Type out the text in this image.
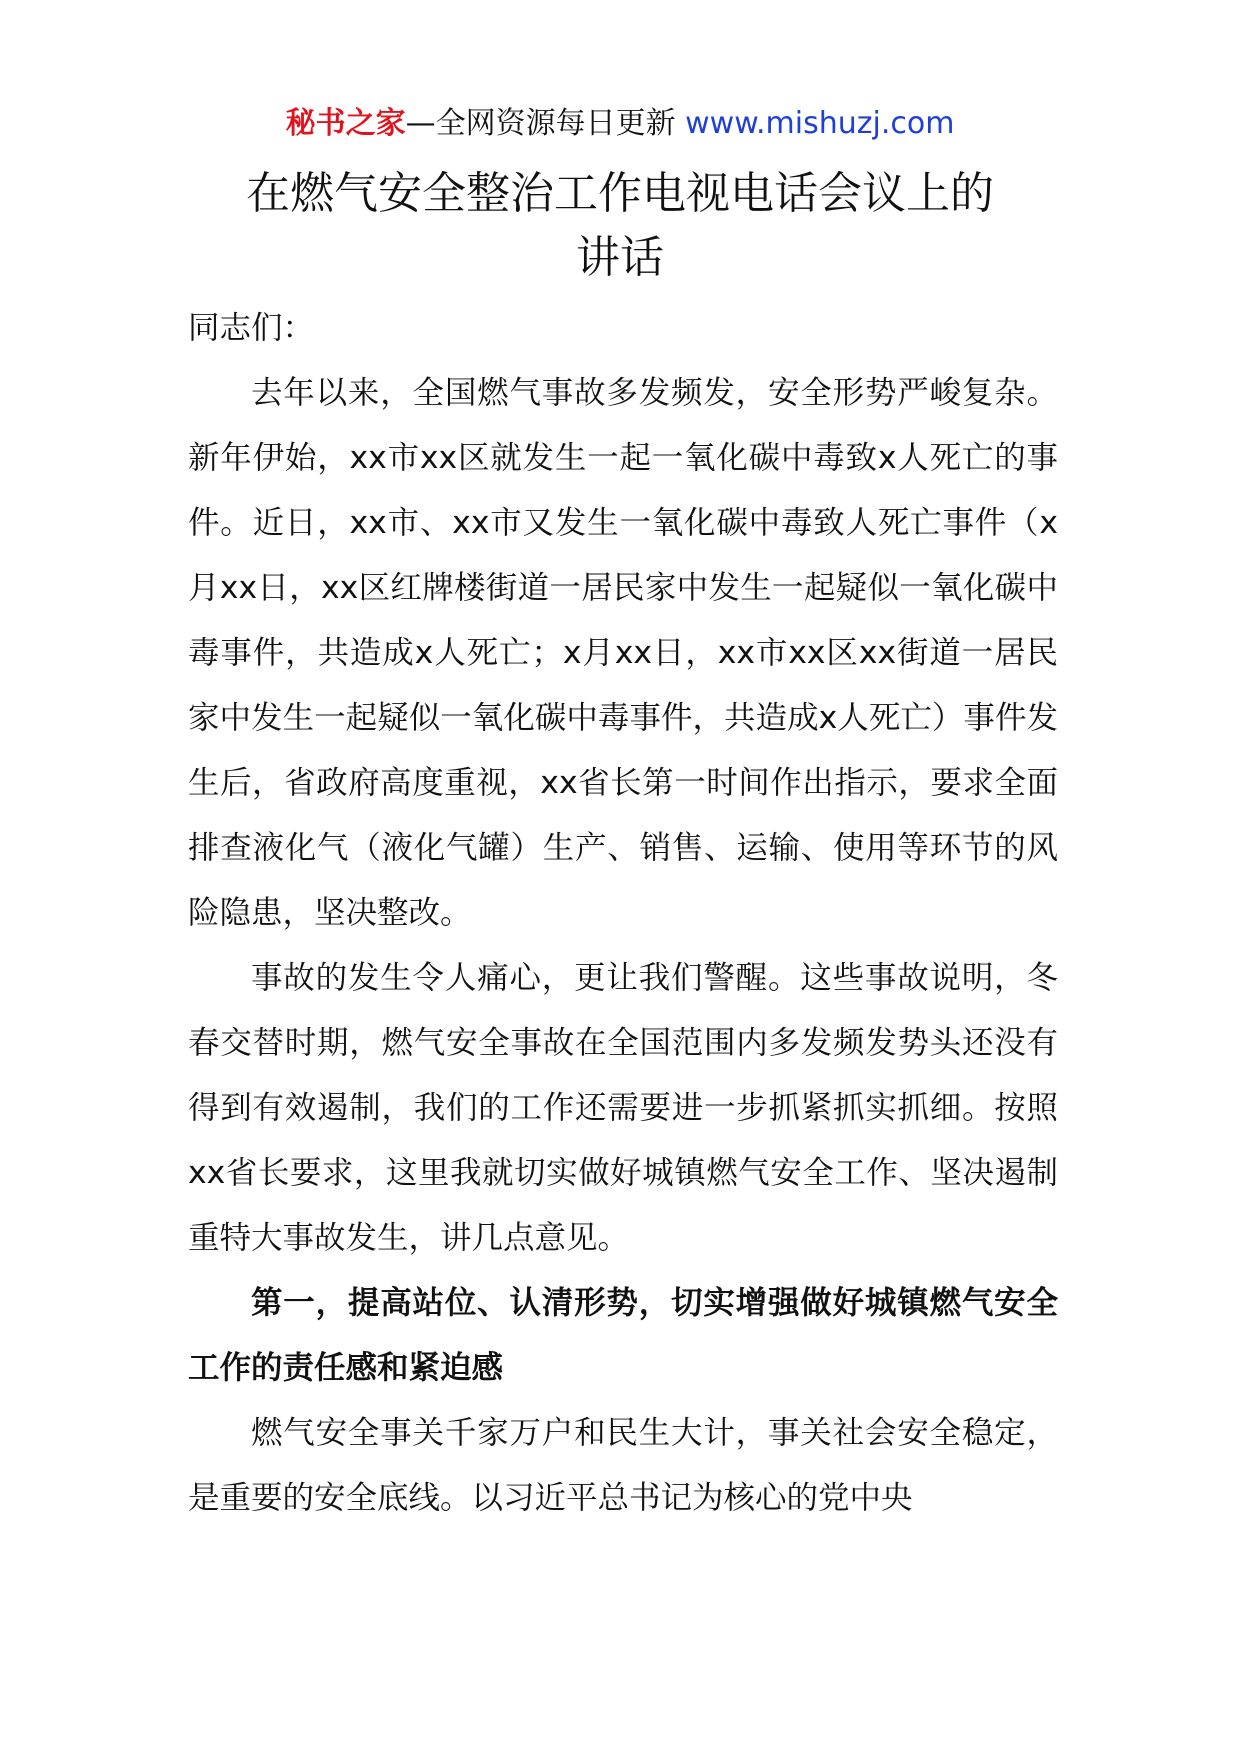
秘书之家—全网资源每日更新 www.mishuzj.com
在燃气安全整治工作电视电话会议上的
讲话

同志们：

去年以来，全国燃气事故多发频发，安全形势严峻复杂。新年伊始，xx市xx区就发生一起一氧化碳中毒致x人死亡的事件。近日，xx市、xx市又发生一氧化碳中毒致人死亡事件（x月xx日，xx区红牌楼街道一居民家中发生一起疑似一氧化碳中毒事件，共造成x人死亡；x月xx日，xx市xx区xx街道一居民家中发生一起疑似一氧化碳中毒事件，共造成x人死亡）事件发生后，省政府高度重视，xx省长第一时间作出指示，要求全面排查液化气（液化气罐）生产、销售、运输、使用等环节的风险隐患，坚决整改。

事故的发生令人痛心，更让我们警醒。这些事故说明，冬春交替时期，燃气安全事故在全国范围内多发频发势头还没有得到有效遏制，我们的工作还需要进一步抓紧抓实抓细。按照xx省长要求，这里我就切实做好城镇燃气安全工作、坚决遏制重特大事故发生，讲几点意见。

第一，提高站位、认清形势，切实增强做好城镇燃气安全工作的责任感和紧迫感

燃气安全事关千家万户和民生大计，事关社会安全稳定，是重要的安全底线。以习近平总书记为核心的党中央
